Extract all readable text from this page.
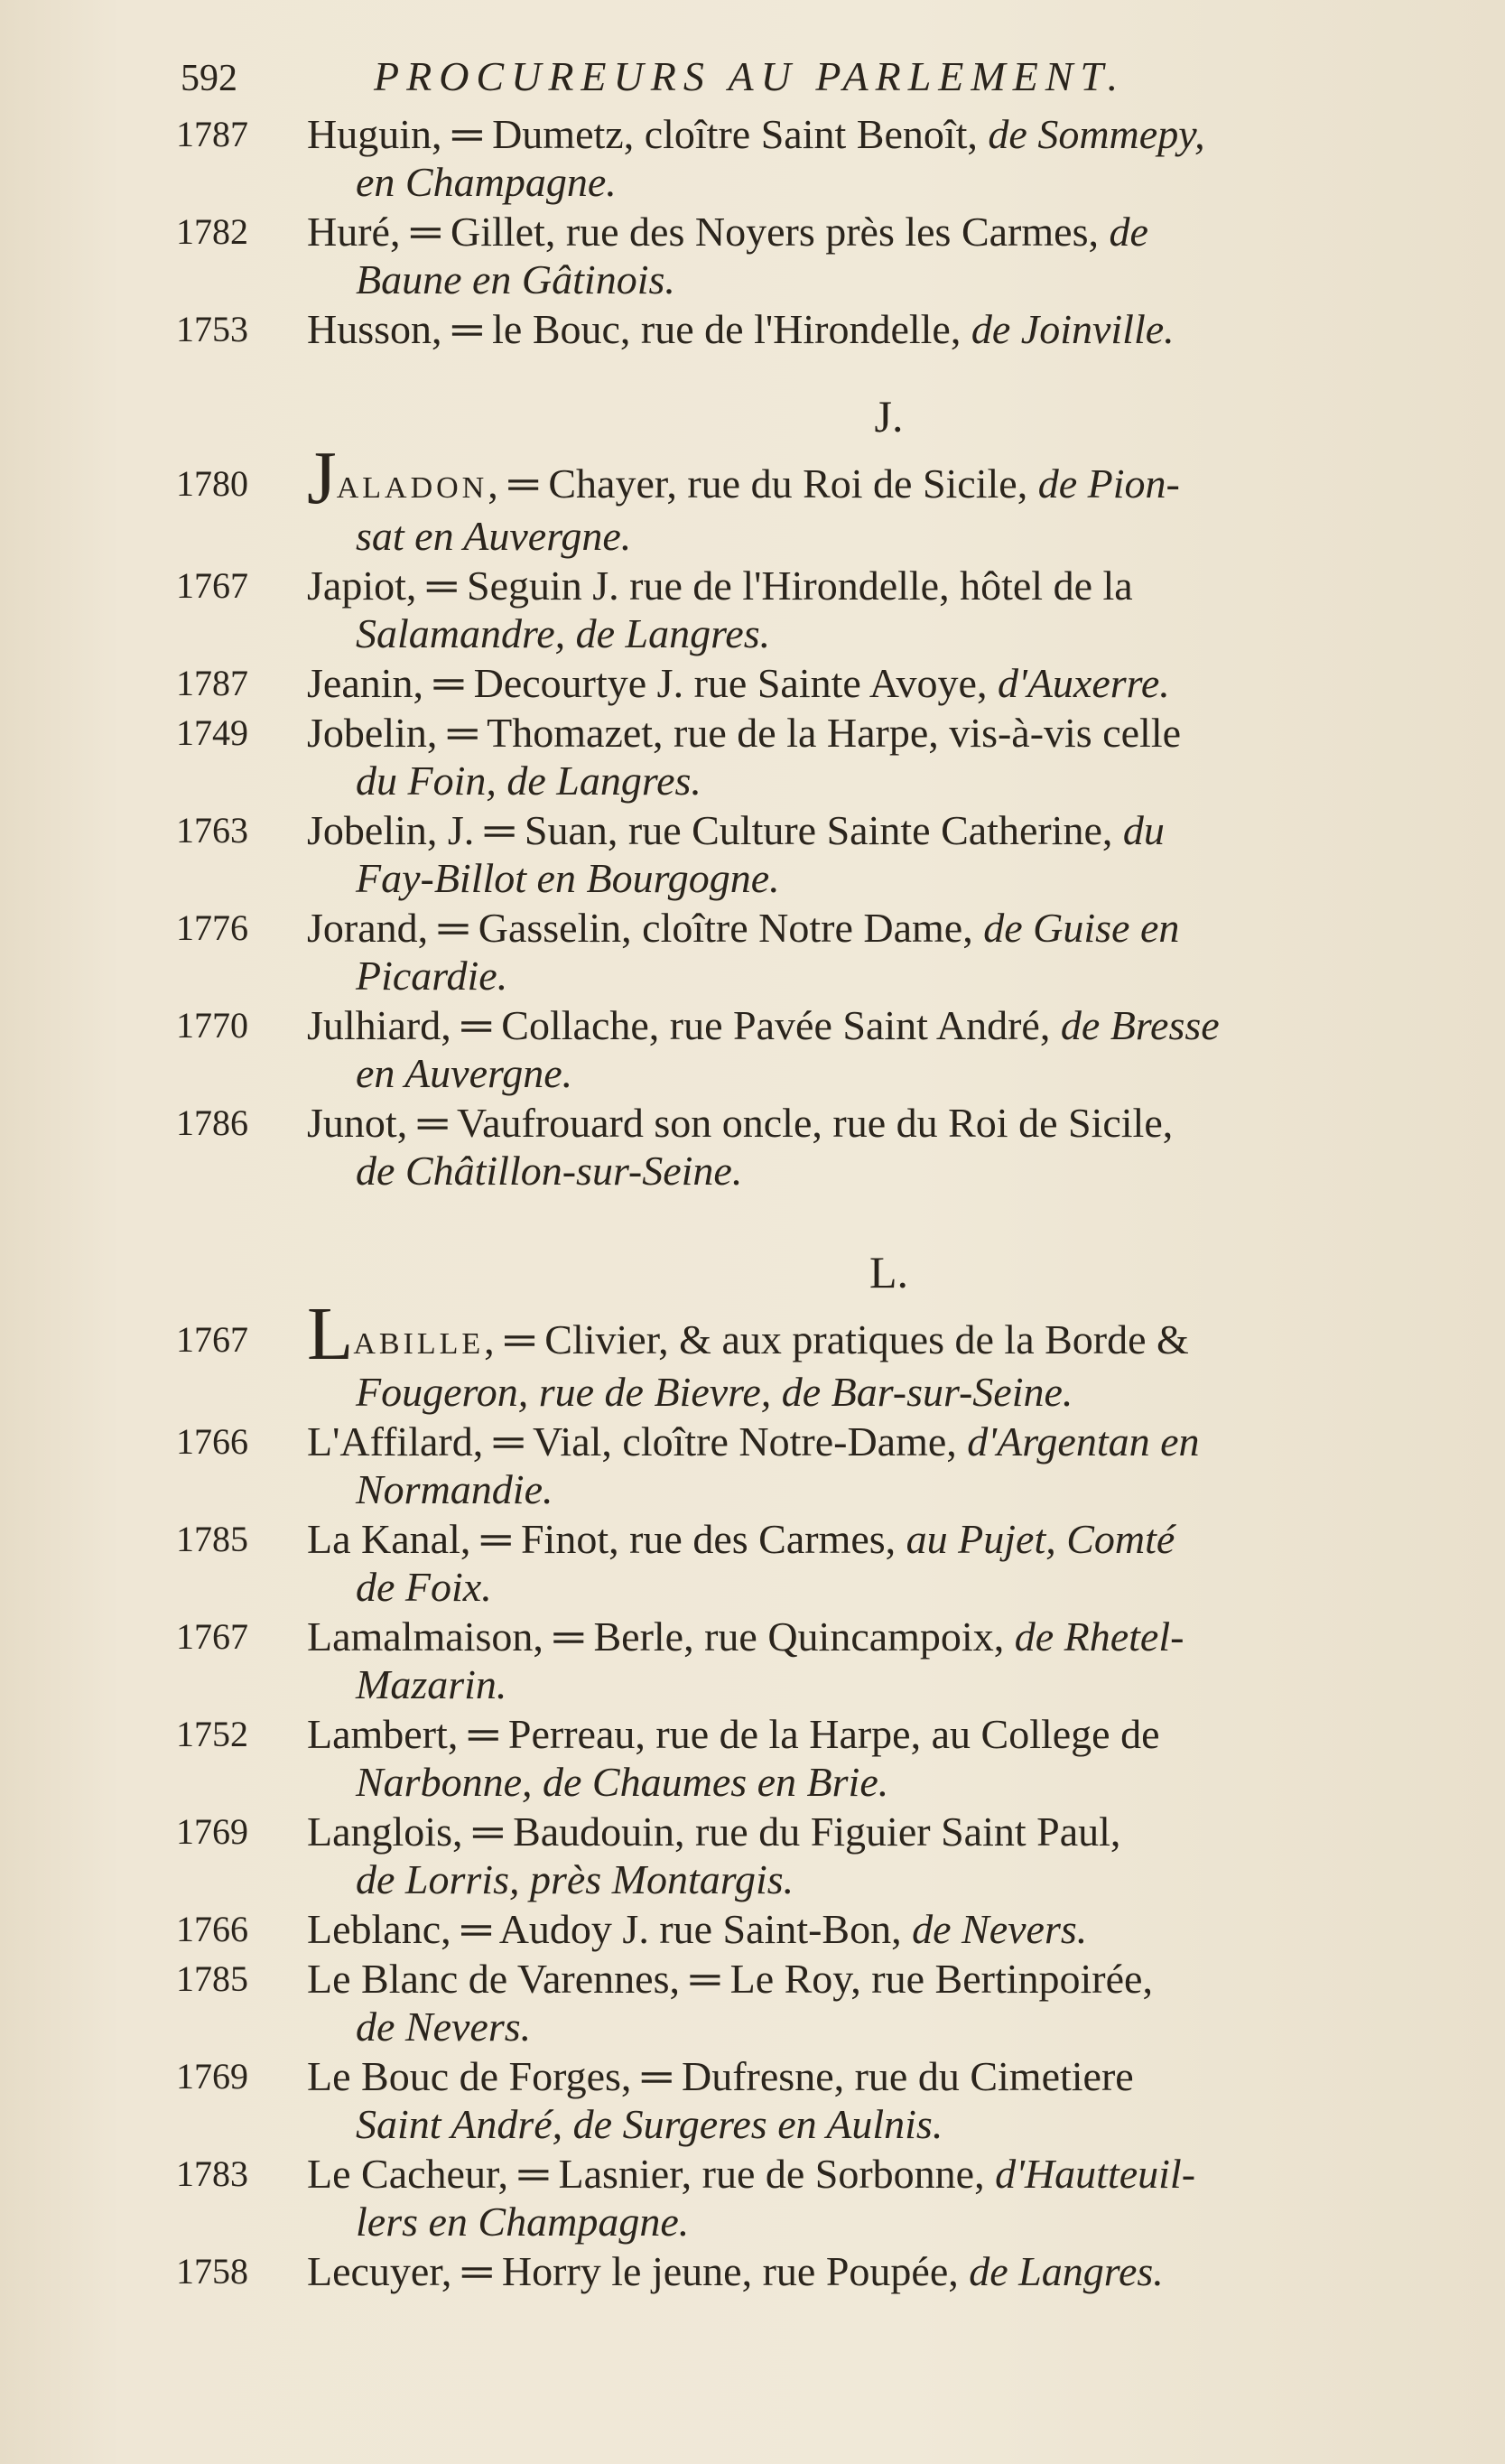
592	PROCUREURS AU PARLEMENT.
1787	Huguin, ═ Dumetz, cloître Saint Benoît, de Sommepy,
en Champagne.
1782	Huré, ═ Gillet, rue des Noyers près les Carmes, de
Baune en Gâtinois.
1753	Husson, ═ le Bouc, rue de l'Hirondelle, de Joinville.
J.
1780 JALADON, ═ Chayer, rue du Roi de Sicile, de Pion-
sat en Auvergne.
1767	Japiot, ═ Seguin J. rue de l'Hirondelle, hôtel de la
Salamandre, de Langres.
1787	Jeanin, ═ Decourtye J. rue Sainte Avoye, d'Auxerre.
1749	Jobelin, ═ Thomazet, rue de la Harpe, vis-à-vis celle
du Foin, de Langres.
1763	Jobelin, J. ═ Suan, rue Culture Sainte Catherine, du
Fay-Billot en Bourgogne.
1776	Jorand, ═ Gasselin, cloître Notre Dame, de Guise en
Picardie.
1770	Julhiard, ═ Collache, rue Pavée Saint André, de Bresse
en Auvergne.
1786	Junot, ═ Vaufrouard son oncle, rue du Roi de Sicile,
de Châtillon-sur-Seine.
L.
1767 LABILLE, ═ Clivier, & aux pratiques de la Borde &
Fougeron, rue de Bievre, de Bar-sur-Seine.
1766	L'Affilard, ═ Vial, cloître Notre-Dame, d'Argentan en
Normandie.
1785	La Kanal, ═ Finot, rue des Carmes, au Pujet, Comté
de Foix.
1767	Lamalmaison, ═ Berle, rue Quincampoix, de Rhetel-
Mazarin.
1752	Lambert, ═ Perreau, rue de la Harpe, au College de
Narbonne, de Chaumes en Brie.
1769	Langlois, ═ Baudouin, rue du Figuier Saint Paul,
de Lorris, près Montargis.
1766	Leblanc, ═ Audoy J. rue Saint-Bon, de Nevers.
1785	Le Blanc de Varennes, ═ Le Roy, rue Bertinpoirée,
de Nevers.
1769	Le Bouc de Forges, ═ Dufresne, rue du Cimetiere
Saint André, de Surgeres en Aulnis.
1783	Le Cacheur, ═ Lasnier, rue de Sorbonne, d'Hautteuil-
lers en Champagne.
1758	Lecuyer, ═ Horry le jeune, rue Poupée, de Langres.
